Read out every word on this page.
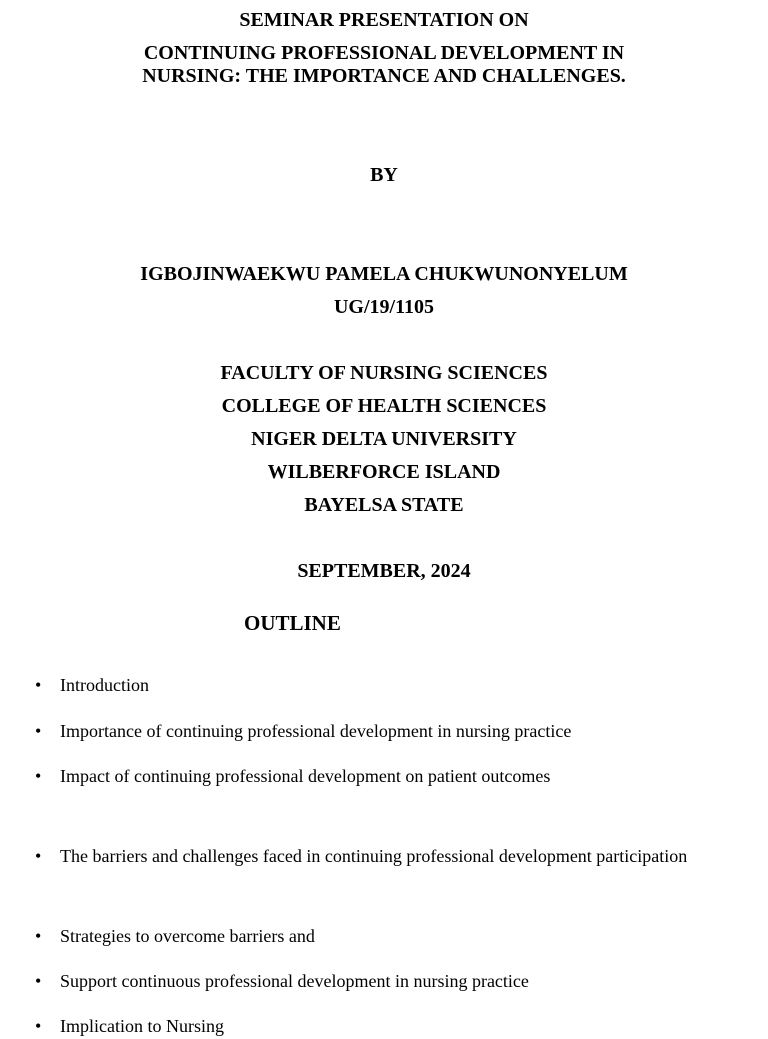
SEMINAR PRESENTATION ON
CONTINUING PROFESSIONAL DEVELOPMENT IN
NURSING: THE IMPORTANCE AND CHALLENGES.
BY
IGBOJINWAEKWU PAMELA CHUKWUNONYELUM
UG/19/1105
FACULTY OF NURSING SCIENCES
COLLEGE OF HEALTH SCIENCES
NIGER DELTA UNIVERSITY
WILBERFORCE ISLAND
BAYELSA STATE
SEPTEMBER, 2024
OUTLINE
• Introduction
• Importance of continuing professional development in nursing practice
• Impact of continuing professional development on patient outcomes
• The barriers and challenges faced in continuing professional development participation
• Strategies to overcome barriers and
• Support continuous professional development in nursing practice
• Implication to Nursing
